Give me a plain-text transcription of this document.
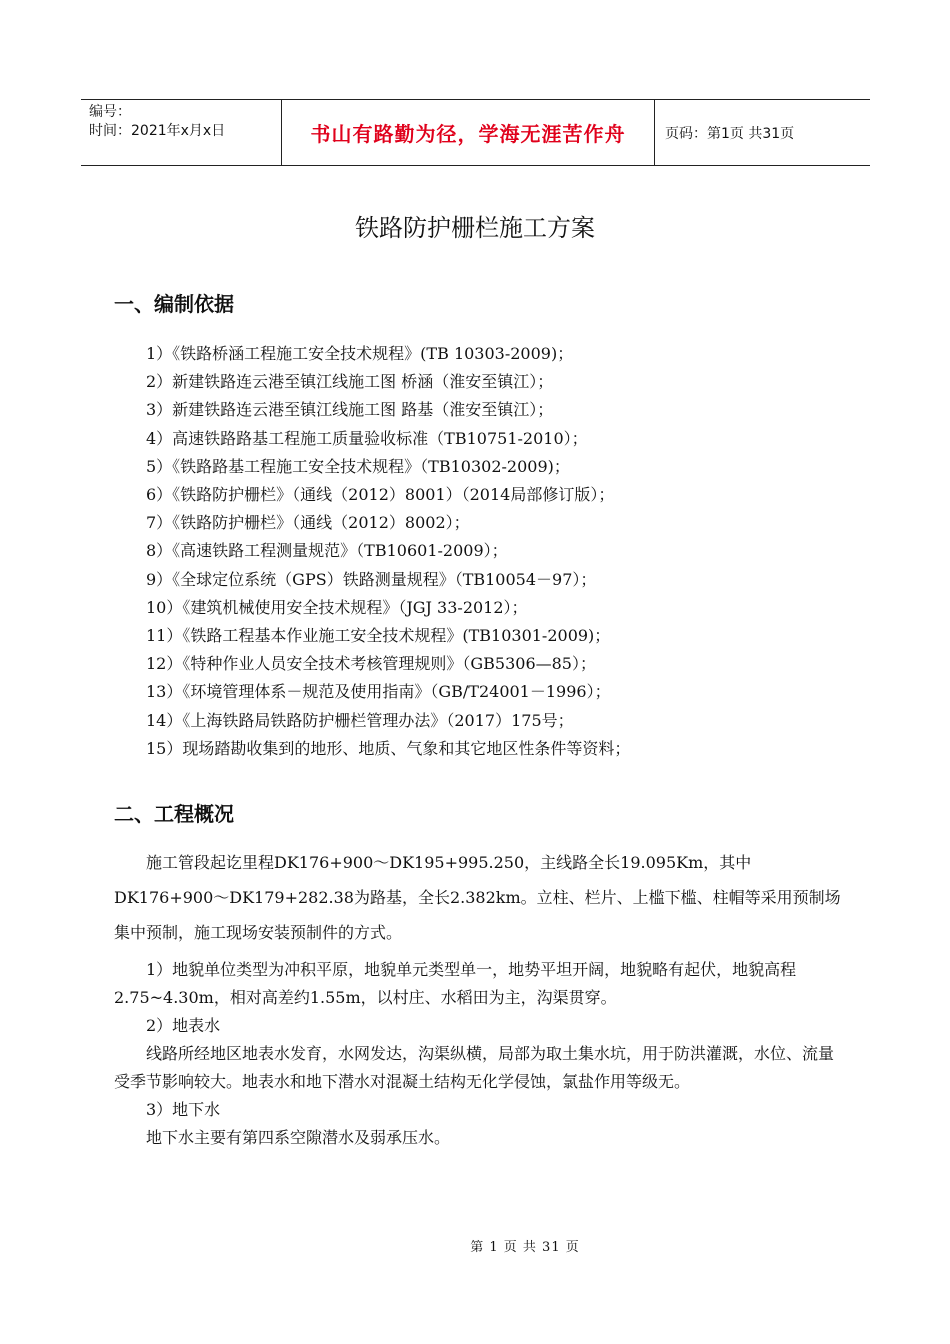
编号：
时间：2021年x月x日	书山有路勤为径，学海无涯苦作舟	页码：第1页 共31页
铁路防护栅栏施工方案
一、编制依据
1）《铁路桥涵工程施工安全技术规程》(TB 10303-2009)；
2）新建铁路连云港至镇江线施工图 桥涵（淮安至镇江）；
3）新建铁路连云港至镇江线施工图 路基（淮安至镇江）；
4）高速铁路路基工程施工质量验收标准（TB10751-2010）；
5）《铁路路基工程施工安全技术规程》（TB10302-2009)；
6）《铁路防护栅栏》（通线（2012）8001）（2014局部修订版）；
7）《铁路防护栅栏》（通线（2012）8002）；
8）《高速铁路工程测量规范》（TB10601-2009）；
9）《全球定位系统（GPS）铁路测量规程》（TB10054－97）；
10）《建筑机械使用安全技术规程》（JGJ 33-2012）；
11）《铁路工程基本作业施工安全技术规程》(TB10301-2009)；
12）《特种作业人员安全技术考核管理规则》（GB5306—85）；
13）《环境管理体系－规范及使用指南》（GB/T24001－1996）；
14）《上海铁路局铁路防护栅栏管理办法》（2017）175号；
15）现场踏勘收集到的地形、地质、气象和其它地区性条件等资料；
二、工程概况

施工管段起讫里程DK176+900～DK195+995.250，主线路全长19.095Km，其中DK176+900～DK179+282.38为路基，全长2.382km。立柱、栏片、上槛下槛、柱帽等采用预制场集中预制，施工现场安装预制件的方式。

1）地貌单位类型为冲积平原，地貌单元类型单一，地势平坦开阔，地貌略有起伏，地貌高程2.75~4.30m，相对高差约1.55m，以村庄、水稻田为主，沟渠贯穿。
2）地表水
线路所经地区地表水发育，水网发达，沟渠纵横，局部为取土集水坑，用于防洪灌溉，水位、流量受季节影响较大。地表水和地下潜水对混凝土结构无化学侵蚀，氯盐作用等级无。
3）地下水
地下水主要有第四系空隙潜水及弱承压水。
第 1 页 共 31 页
